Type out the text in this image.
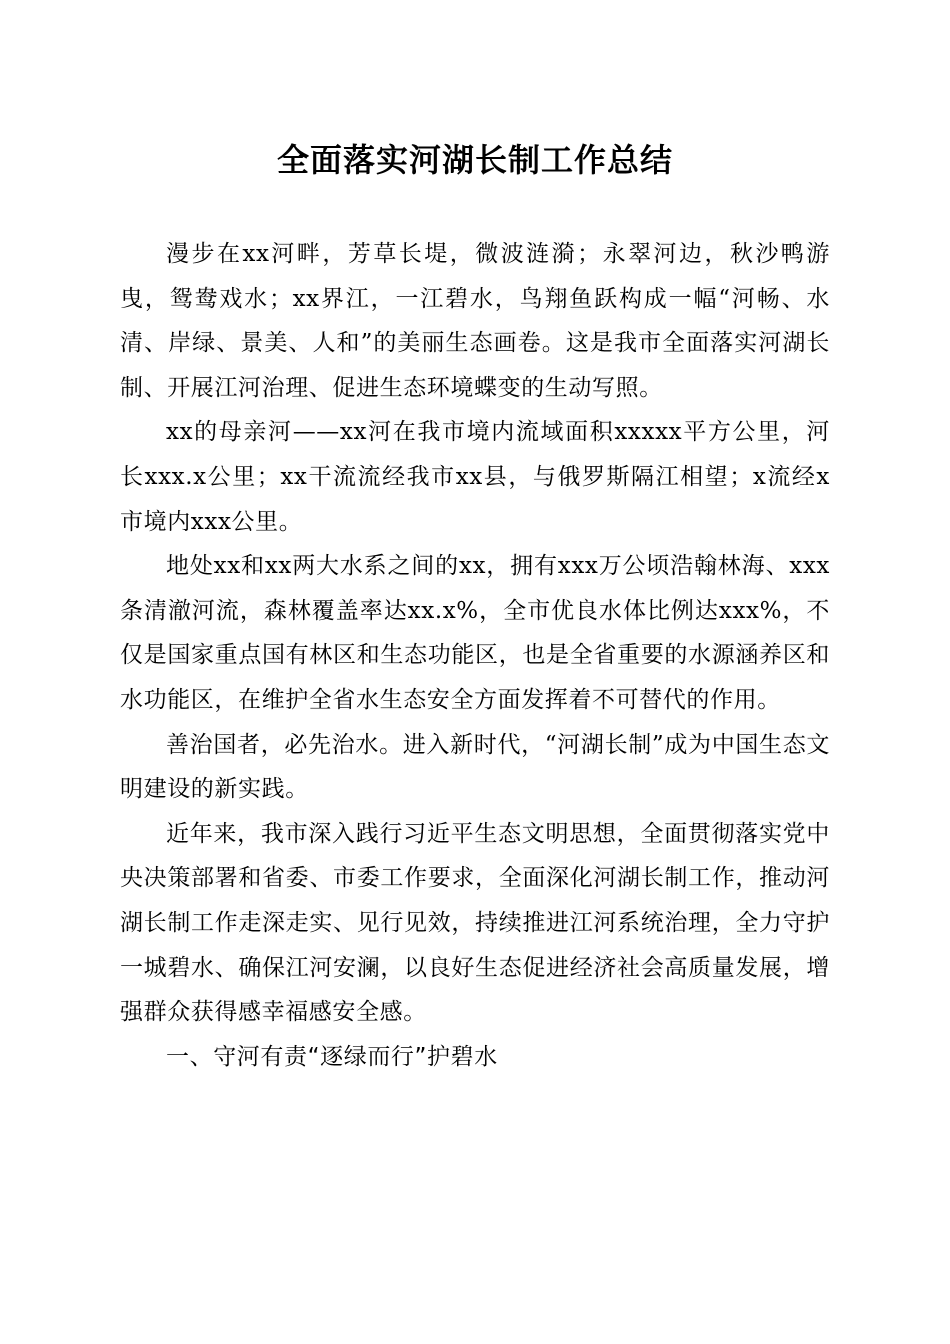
全面落实河湖长制工作总结

漫步在xx河畔，芳草长堤，微波涟漪；永翠河边，秋沙鸭游曳，鸳鸯戏水；xx界江，一江碧水，鸟翔鱼跃构成一幅“河畅、水清、岸绿、景美、人和”的美丽生态画卷。这是我市全面落实河湖长制、开展江河治理、促进生态环境蝶变的生动写照。

xx的母亲河——xx河在我市境内流域面积xxxxx平方公里，河长xxx.x公里；xx干流流经我市xx县，与俄罗斯隔江相望；x流经x市境内xxx公里。

地处xx和xx两大水系之间的xx，拥有xxx万公顷浩翰林海、xxx条清澈河流，森林覆盖率达xx.x%，全市优良水体比例达xxx%，不仅是国家重点国有林区和生态功能区，也是全省重要的水源涵养区和水功能区，在维护全省水生态安全方面发挥着不可替代的作用。

善治国者，必先治水。进入新时代，“河湖长制”成为中国生态文明建设的新实践。

近年来，我市深入践行习近平生态文明思想，全面贯彻落实党中央决策部署和省委、市委工作要求，全面深化河湖长制工作，推动河湖长制工作走深走实、见行见效，持续推进江河系统治理，全力守护一城碧水、确保江河安澜，以良好生态促进经济社会高质量发展，增强群众获得感幸福感安全感。

一、守河有责“逐绿而行”护碧水
